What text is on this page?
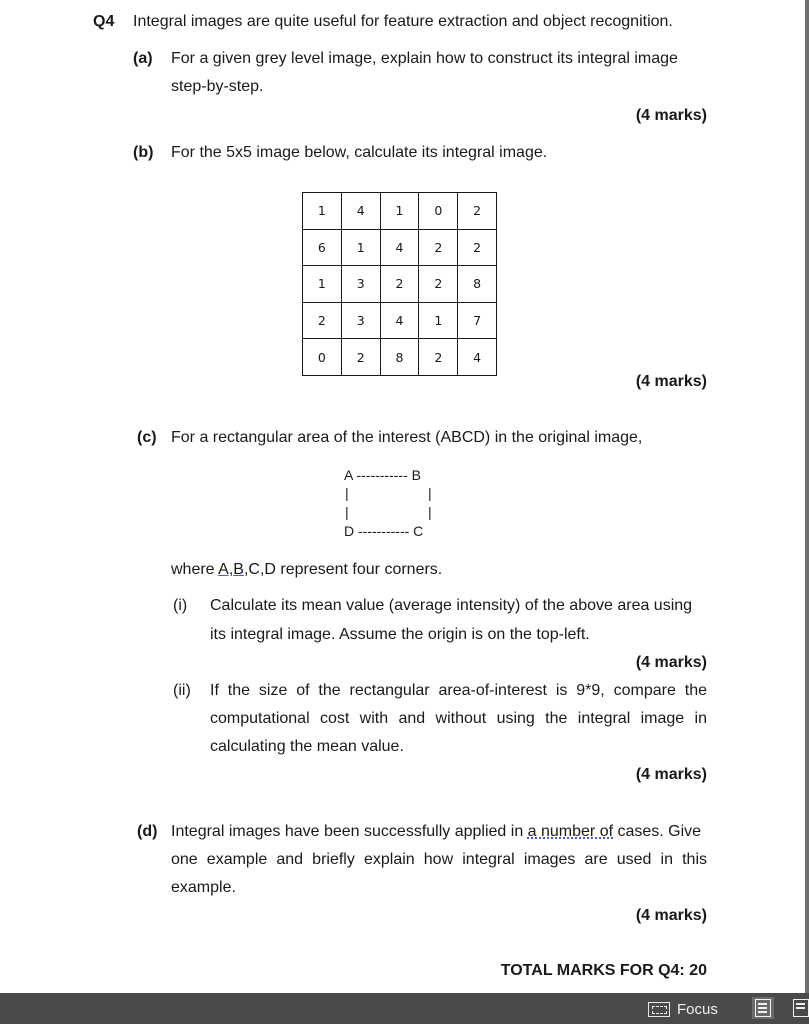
Q4 Integral images are quite useful for feature extraction and object recognition.
(a) For a given grey level image, explain how to construct its integral image
step-by-step.
(4 marks)
(b) For the 5x5 image below, calculate its integral image.
1	4	1	0	2
6	1	4	2	2
1	3	2	2	8
2	3	4	1	7
0	2	8	2	4
(4 marks)
(c) For a rectangular area of the interest (ABCD) in the original image,
A ----------- B
|
|
|
|
D ----------- C
where A,B,C,D represent four corners.
(i) Calculate its mean value (average intensity) of the above area using
its integral image. Assume the origin is on the top-left.
(4 marks)
(ii) If the size of the rectangular area-of-interest is 9*9, compare the
computational cost with and without using the integral image in
calculating the mean value.
(4 marks)
(d) Integral images have been successfully applied in a number of cases. Give
one example and briefly explain how integral images are used in this
example.
(4 marks)
TOTAL MARKS FOR Q4: 20
Focus
